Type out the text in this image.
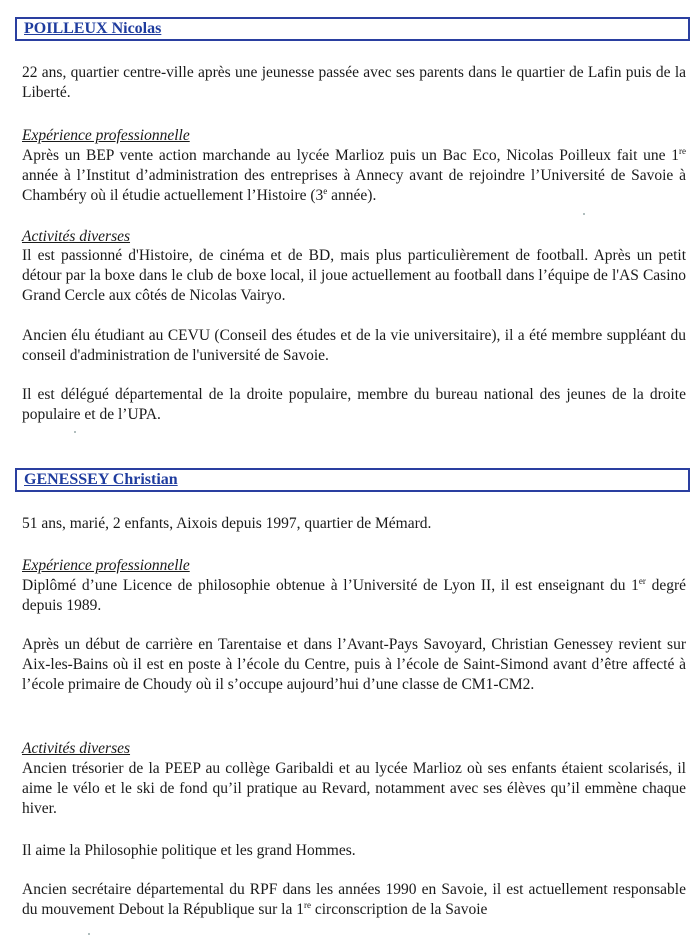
POILLEUX Nicolas
22 ans, quartier centre-ville après une jeunesse passée avec ses parents dans le quartier de Lafin puis de la Liberté.
Expérience professionnelle
Après un BEP vente action marchande au lycée Marlioz puis un Bac Eco, Nicolas Poilleux fait une 1re année à l’Institut d’administration des entreprises à Annecy avant de rejoindre l’Université de Savoie à Chambéry où il étudie actuellement l’Histoire (3e année).
Activités diverses
Il est passionné d'Histoire, de cinéma et de BD, mais plus particulièrement de football. Après un petit détour par la boxe dans le club de boxe local, il joue actuellement au football dans l’équipe de l'AS Casino Grand Cercle aux côtés de Nicolas Vairyo.
Ancien élu étudiant au CEVU (Conseil des études et de la vie universitaire), il a été membre suppléant du conseil d'administration de l'université de Savoie.
Il est délégué départemental de la droite populaire, membre du bureau national des jeunes de la droite populaire et de l’UPA.
GENESSEY Christian
51 ans, marié, 2 enfants, Aixois depuis 1997, quartier de Mémard.
Expérience professionnelle
Diplômé d’une Licence de philosophie obtenue à l’Université de Lyon II, il est enseignant du 1er degré depuis 1989.
Après un début de carrière en Tarentaise et dans l’Avant-Pays Savoyard, Christian Genessey revient sur Aix-les-Bains où il est en poste à l’école du Centre, puis à l’école de Saint-Simond avant d’être affecté à l’école primaire de Choudy où il s’occupe aujourd’hui d’une classe de CM1-CM2.
Activités diverses
Ancien trésorier de la PEEP au collège Garibaldi et au lycée Marlioz où ses enfants étaient scolarisés, il aime le vélo et le ski de fond qu’il pratique au Revard, notamment avec ses élèves qu’il emmène chaque hiver.
Il aime la Philosophie politique et les grand Hommes.
Ancien secrétaire départemental du RPF dans les années 1990 en Savoie, il est actuellement responsable du mouvement Debout la République sur la 1re circonscription de la Savoie
